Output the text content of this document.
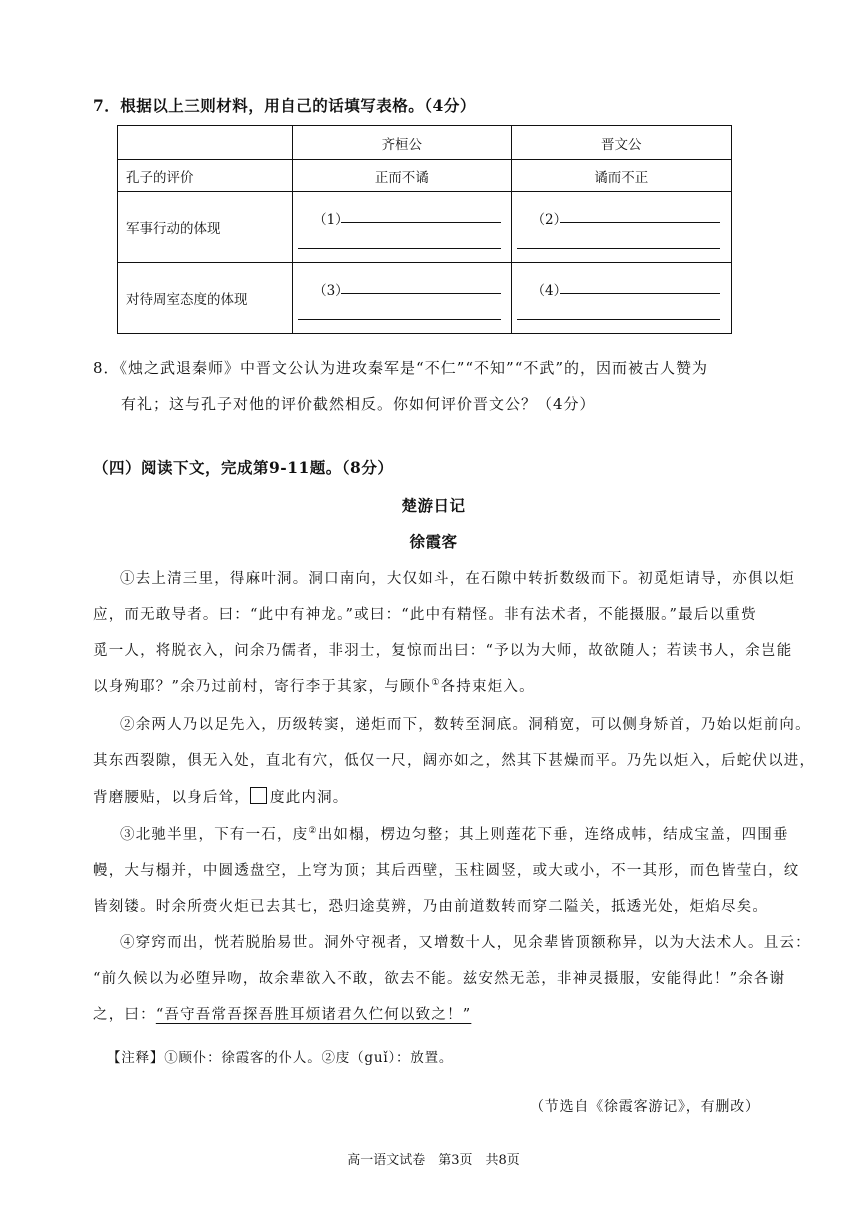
7．根据以上三则材料，用自己的话填写表格。（4分）
	齐桓公	晋文公
孔子的评价	正而不谲	谲而不正
军事行动的体现	（1）	（2）

对待周室态度的体现	（3）	（4）
8．《烛之武退秦师》中晋文公认为进攻秦军是“不仁”“不知”“不武”的，因而被古人赞为
有礼；这与孔子对他的评价截然相反。你如何评价晋文公？（4分）
（四）阅读下文，完成第9-11题。（8分）
楚游日记
徐霞客
①去上清三里，得麻叶洞。洞口南向，大仅如斗，在石隙中转折数级而下。初觅炬请导，亦俱以炬
应，而无敢导者。曰：“此中有神龙。”或曰：“此中有精怪。非有法术者，不能摄服。”最后以重赀
觅一人，将脱衣入，问余乃儒者，非羽士，复惊而出曰：“予以为大师，故欲随人；若读书人，余岂能
以身殉耶？”余乃过前村，寄行李于其家，与顾仆①各持束炬入。
②余两人乃以足先入，历级转窦，递炬而下，数转至洞底。洞稍宽，可以侧身矫首，乃始以炬前向。
其东西裂隙，俱无入处，直北有穴，低仅一尺，阔亦如之，然其下甚燥而平。乃先以炬入，后蛇伏以进，
背磨腰贴，以身后耸， 度此内洞。
③北驰半里，下有一石，庋②出如榻，楞边匀整；其上则莲花下垂，连络成帏，结成宝盖，四围垂
幔，大与榻并，中圆透盘空，上穹为顶；其后西壁，玉柱圆竖，或大或小，不一其形，而色皆莹白，纹
皆刻镂。时余所赍火炬已去其七，恐归途莫辨，乃由前道数转而穿二隘关，抵透光处，炬焰尽矣。
④穿窍而出，恍若脱胎易世。洞外守视者，又增数十人，见余辈皆顶额称异，以为大法术人。且云：
“前久候以为必堕异吻，故余辈欲入不敢，欲去不能。兹安然无恙，非神灵摄服，安能得此！”余各谢
之，曰：“吾守吾常吾探吾胜耳烦诸君久伫何以致之！”
【注释】①顾仆：徐霞客的仆人。②庋（guǐ）：放置。
（节选自《徐霞客游记》，有删改）
高一语文试卷　第3页　共8页
